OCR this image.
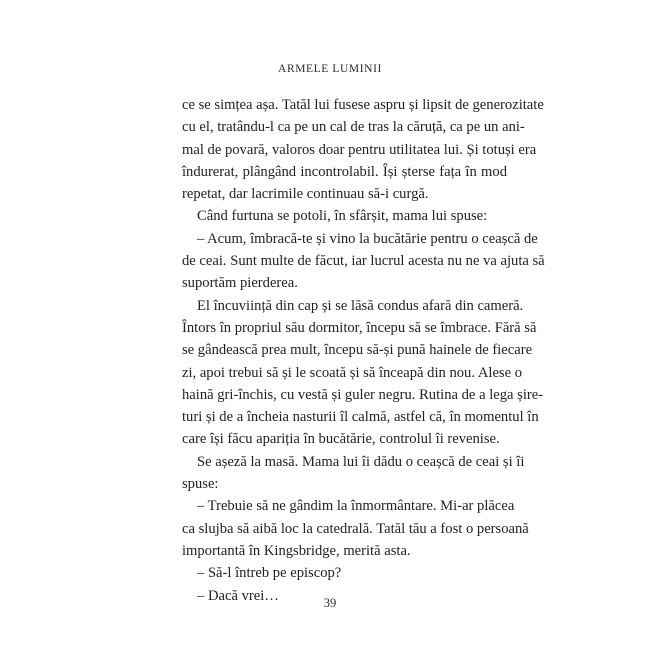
ARMELE LUMINII
ce se simțea așa. Tatăl lui fusese aspru și lipsit de generozitate
cu el, tratându-l ca pe un cal de tras la căruță, ca pe un ani-
mal de povară, valoros doar pentru utilitatea lui. Și totuși era
îndurerat, plângând incontrolabil. Își șterse fața în mod
repetat, dar lacrimile continuau să-i curgă.
Când furtuna se potoli, în sfârșit, mama lui spuse:
– Acum, îmbracă-te și vino la bucătărie pentru o ceașcă de
de ceai. Sunt multe de făcut, iar lucrul acesta nu ne va ajuta să
suportăm pierderea.
El încuviință din cap și se lăsă condus afară din cameră.
Întors în propriul său dormitor, începu să se îmbrace. Fără să
se gândească prea mult, începu să-și pună hainele de fiecare
zi, apoi trebui să și le scoată și să înceapă din nou. Alese o
haină gri-închis, cu vestă și guler negru. Rutina de a lega șire-
turi și de a încheia nasturii îl calmă, astfel că, în momentul în
care își făcu apariția în bucătărie, controlul îi revenise.
Se așeză la masă. Mama lui îi dădu o ceașcă de ceai și îi
spuse:
– Trebuie să ne gândim la înmormântare. Mi-ar plăcea
ca slujba să aibă loc la catedrală. Tatăl tău a fost o persoană
importantă în Kingsbridge, merită asta.
– Să-l întreb pe episcop?
– Dacă vrei…	39
